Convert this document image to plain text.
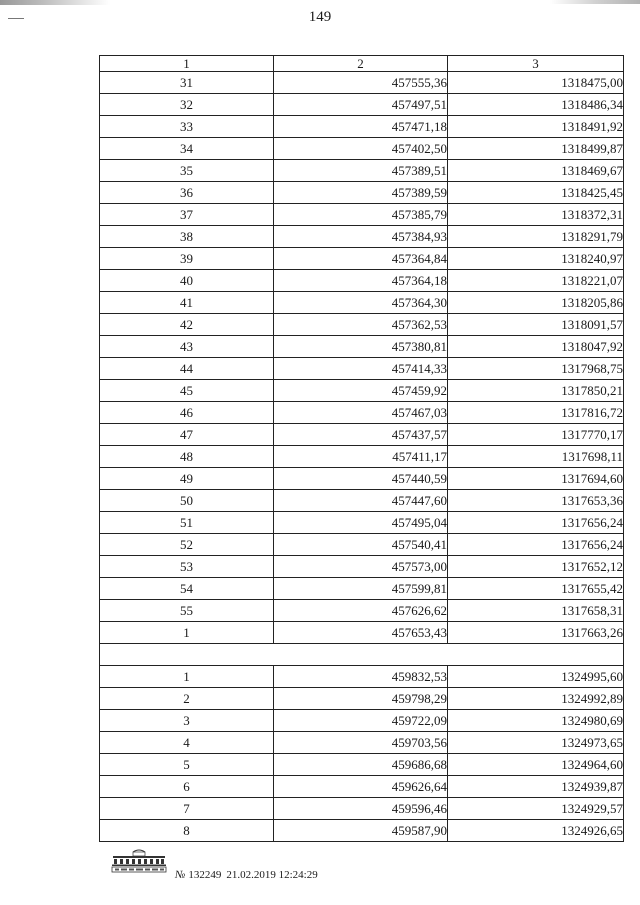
149
1	2	3
31	457555,36	1318475,00
32	457497,51	1318486,34
33	457471,18	1318491,92
34	457402,50	1318499,87
35	457389,51	1318469,67
36	457389,59	1318425,45
37	457385,79	1318372,31
38	457384,93	1318291,79
39	457364,84	1318240,97
40	457364,18	1318221,07
41	457364,30	1318205,86
42	457362,53	1318091,57
43	457380,81	1318047,92
44	457414,33	1317968,75
45	457459,92	1317850,21
46	457467,03	1317816,72
47	457437,57	1317770,17
48	457411,17	1317698,11
49	457440,59	1317694,60
50	457447,60	1317653,36
51	457495,04	1317656,24
52	457540,41	1317656,24
53	457573,00	1317652,12
54	457599,81	1317655,42
55	457626,62	1317658,31
1	457653,43	1317663,26

1	459832,53	1324995,60
2	459798,29	1324992,89
3	459722,09	1324980,69
4	459703,56	1324973,65
5	459686,68	1324964,60
6	459626,64	1324939,87
7	459596,46	1324929,57
8	459587,90	1324926,65
№ 132249 21.02.2019 12:24:29
